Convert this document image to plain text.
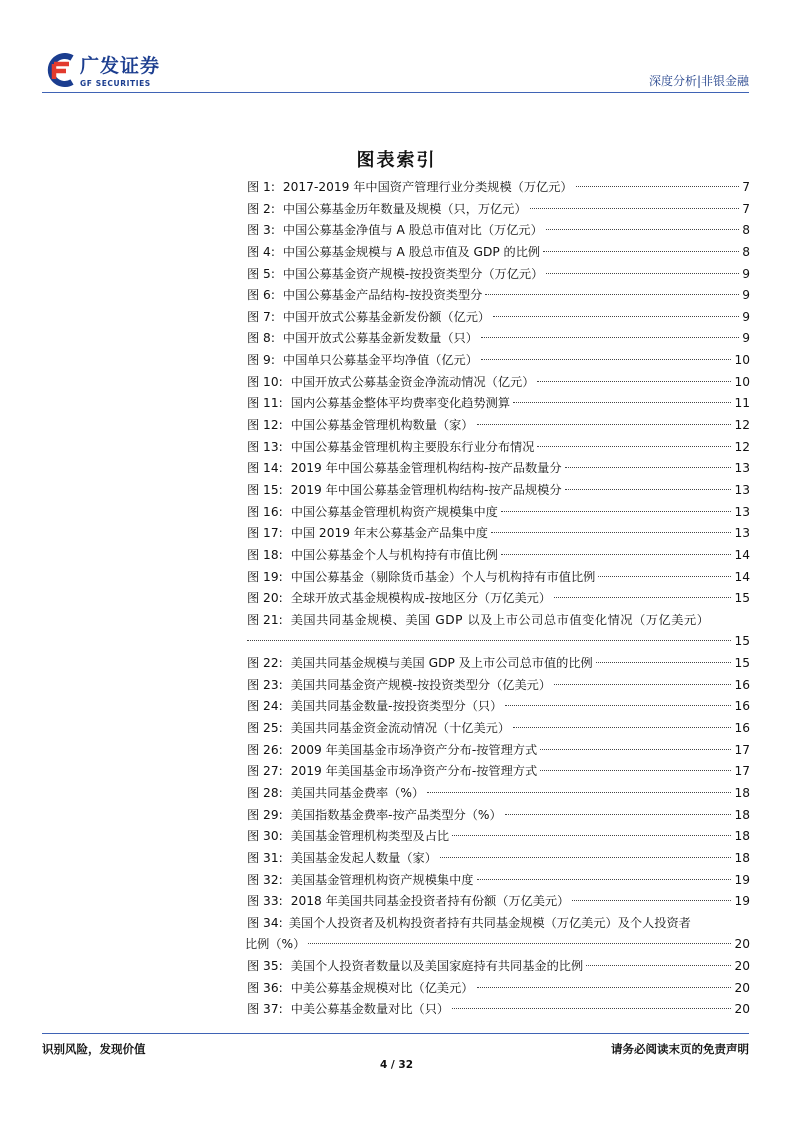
广发证券
GF SECURITIES	深度分析|非银金融
图表索引
图 1: 2017-2019 年中国资产管理行业分类规模（万亿元）	7
图 2: 中国公募基金历年数量及规模（只，万亿元）	7
图 3: 中国公募基金净值与 A 股总市值对比（万亿元）	8
图 4: 中国公募基金规模与 A 股总市值及 GDP 的比例	8
图 5: 中国公募基金资产规模-按投资类型分（万亿元）	9
图 6: 中国公募基金产品结构-按投资类型分	9
图 7: 中国开放式公募基金新发份额（亿元）	9
图 8: 中国开放式公募基金新发数量（只）	9
图 9: 中国单只公募基金平均净值（亿元）	10
图 10: 中国开放式公募基金资金净流动情况（亿元）	10
图 11: 国内公募基金整体平均费率变化趋势测算	11
图 12: 中国公募基金管理机构数量（家）	12
图 13: 中国公募基金管理机构主要股东行业分布情况	12
图 14: 2019 年中国公募基金管理机构结构-按产品数量分	13
图 15: 2019 年中国公募基金管理机构结构-按产品规模分	13
图 16: 中国公募基金管理机构资产规模集中度	13
图 17: 中国 2019 年末公募基金产品集中度	13
图 18: 中国公募基金个人与机构持有市值比例	14
图 19: 中国公募基金（剔除货币基金）个人与机构持有市值比例	14
图 20: 全球开放式基金规模构成-按地区分（万亿美元）	15
图 21: 美国共同基金规模、美国 GDP 以及上市公司总市值变化情况（万亿美元）
15
图 22: 美国共同基金规模与美国 GDP 及上市公司总市值的比例	15
图 23: 美国共同基金资产规模-按投资类型分（亿美元）	16
图 24: 美国共同基金数量-按投资类型分（只）	16
图 25: 美国共同基金资金流动情况（十亿美元）	16
图 26: 2009 年美国基金市场净资产分布-按管理方式	17
图 27: 2019 年美国基金市场净资产分布-按管理方式	17
图 28: 美国共同基金费率（%）	18
图 29: 美国指数基金费率-按产品类型分（%）	18
图 30: 美国基金管理机构类型及占比	18
图 31: 美国基金发起人数量（家）	18
图 32: 美国基金管理机构资产规模集中度	19
图 33: 2018 年美国共同基金投资者持有份额（万亿美元）	19
图 34: 美国个人投资者及机构投资者持有共同基金规模（万亿美元）及个人投资者
比例（%）	20
图 35: 美国个人投资者数量以及美国家庭持有共同基金的比例	20
图 36: 中美公募基金规模对比（亿美元）	20
图 37: 中美公募基金数量对比（只）	20
识别风险，发现价值	请务必阅读末页的免责声明
4 / 32
